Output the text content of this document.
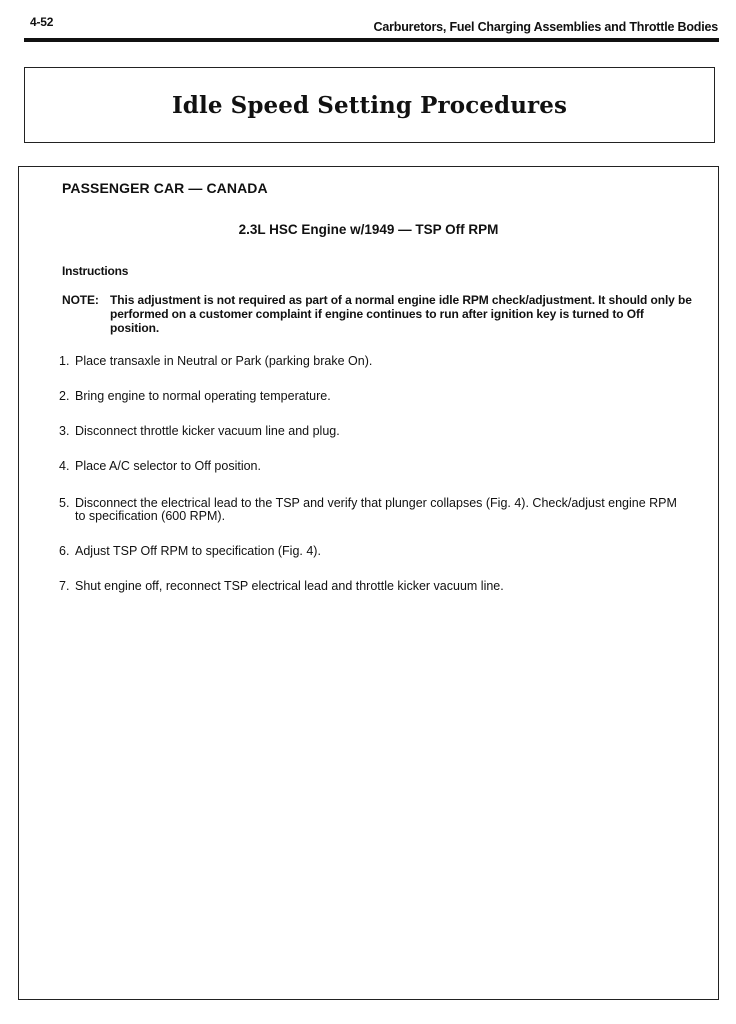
4-52	Carburetors, Fuel Charging Assemblies and Throttle Bodies
Idle Speed Setting Procedures
PASSENGER CAR — CANADA
2.3L HSC Engine w/1949 — TSP Off RPM
Instructions
NOTE: This adjustment is not required as part of a normal engine idle RPM check/adjustment. It should only be performed on a customer complaint if engine continues to run after ignition key is turned to Off position.
1. Place transaxle in Neutral or Park (parking brake On).
2. Bring engine to normal operating temperature.
3. Disconnect throttle kicker vacuum line and plug.
4. Place A/C selector to Off position.
5. Disconnect the electrical lead to the TSP and verify that plunger collapses (Fig. 4). Check/adjust engine RPM to specification (600 RPM).
6. Adjust TSP Off RPM to specification (Fig. 4).
7. Shut engine off, reconnect TSP electrical lead and throttle kicker vacuum line.
